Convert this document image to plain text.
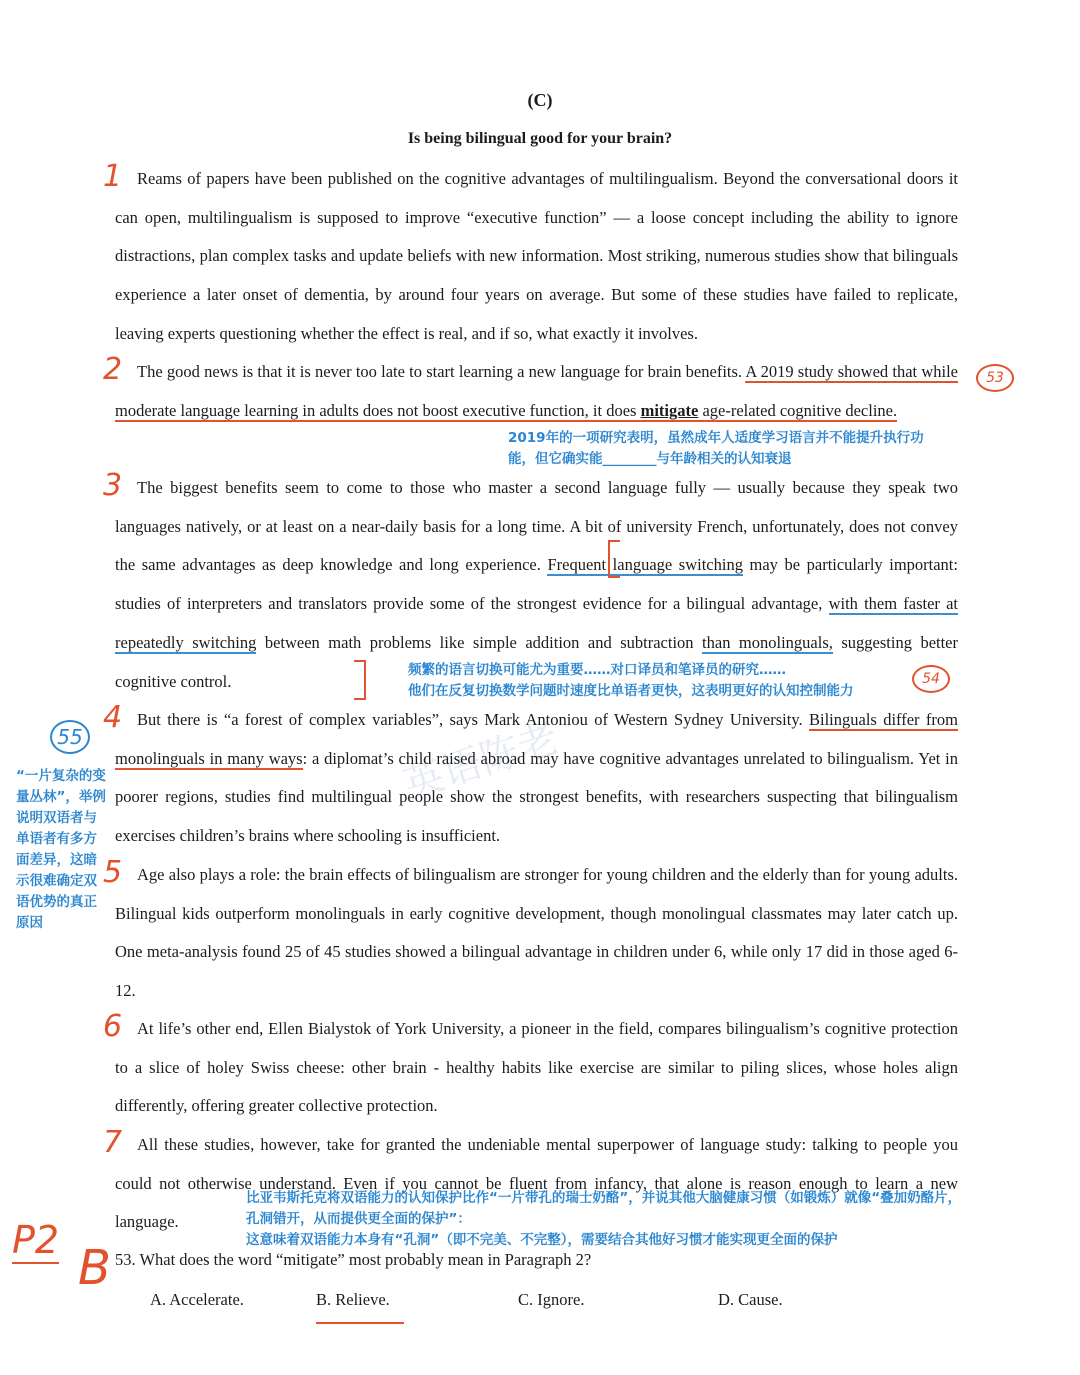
(C)
Is being bilingual good for your brain?
英语陈老

1 Reams of papers have been published on the cognitive advantages of multilingualism. Beyond the conversational doors it can open, multilingualism is supposed to improve “executive function” — a loose concept including the ability to ignore distractions, plan complex tasks and update beliefs with new information. Most striking, numerous studies show that bilinguals experience a later onset of dementia, by around four years on average. But some of these studies have failed to replicate, leaving experts questioning whether the effect is real, and if so, what exactly it involves.

2 The good news is that it is never too late to start learning a new language for brain benefits. A 2019 study showed that while moderate language learning in adults does not boost executive function, it does mitigate age-related cognitive decline.

3 The biggest benefits seem to come to those who master a second language fully — usually because they speak two languages natively, or at least on a near-daily basis for a long time. A bit of university French, unfortunately, does not convey the same advantages as deep knowledge and long experience. Frequent language switching may be particularly important: studies of interpreters and translators provide some of the strongest evidence for a bilingual advantage, with them faster at repeatedly switching between math problems like simple addition and subtraction than monolinguals, suggesting better cognitive control.

4 But there is “a forest of complex variables”, says Mark Antoniou of Western Sydney University. Bilinguals differ from monolinguals in many ways: a diplomat’s child raised abroad may have cognitive advantages unrelated to bilingualism. Yet in poorer regions, studies find multilingual people show the strongest benefits, with researchers suspecting that bilingualism exercises children’s brains where schooling is insufficient.

5 Age also plays a role: the brain effects of bilingualism are stronger for young children and the elderly than for young adults. Bilingual kids outperform monolinguals in early cognitive development, though monolingual classmates may later catch up. One meta-analysis found 25 of 45 studies showed a bilingual advantage in children under 6, while only 17 did in those aged 6-12.

6 At life’s other end, Ellen Bialystok of York University, a pioneer in the field, compares bilingualism’s cognitive protection to a slice of holey Swiss cheese: other brain - healthy habits like exercise are similar to piling slices, whose holes align differently, offering greater collective protection.

7 All these studies, however, take for granted the undeniable mental superpower of language study: talking to people you could not otherwise understand. Even if you cannot be fluent from infancy, that alone is reason enough to learn a new language.

53. What does the word “mitigate” most probably mean in Paragraph 2?
A. Accelerate.	B. Relieve.	C. Ignore.	D. Cause.
53
54
55
2019年的一项研究表明，虽然成年人适度学习语言并不能提升执行功
能，但它确实能________与年龄相关的认知衰退
频繁的语言切换可能尤为重要……对口译员和笔译员的研究……
他们在反复切换数学问题时速度比单语者更快，这表明更好的认知控制能力
“一片复杂的变
量丛林”，举例
说明双语者与
单语者有多方
面差异，这暗
示很难确定双
语优势的真正
原因
比亚韦斯托克将双语能力的认知保护比作“一片带孔的瑞士奶酪”，并说其他大脑健康习惯（如锻炼）就像“叠加奶酪片，
孔洞错开，从而提供更全面的保护”：
这意味着双语能力本身有“孔洞”（即不完美、不完整），需要结合其他好习惯才能实现更全面的保护
P2 B
